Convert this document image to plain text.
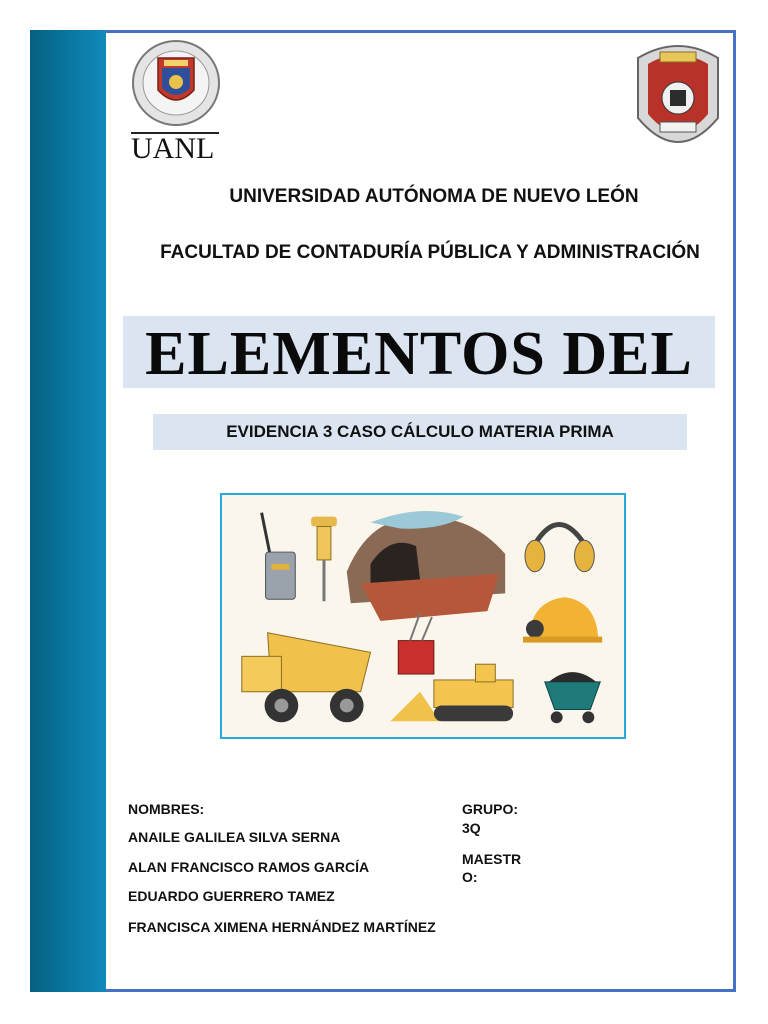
UANL
UNIVERSIDAD AUTÓNOMA DE NUEVO LEÓN
FACULTAD DE CONTADURÍA PÚBLICA Y ADMINISTRACIÓN
ELEMENTOS DEL
EVIDENCIA 3 CASO CÁLCULO MATERIA PRIMA
NOMBRES:
ANAILE GALILEA SILVA SERNA
ALAN FRANCISCO RAMOS GARCÍA
EDUARDO GUERRERO TAMEZ
FRANCISCA XIMENA HERNÁNDEZ MARTÍNEZ
GRUPO:
3Q
MAESTRO:
